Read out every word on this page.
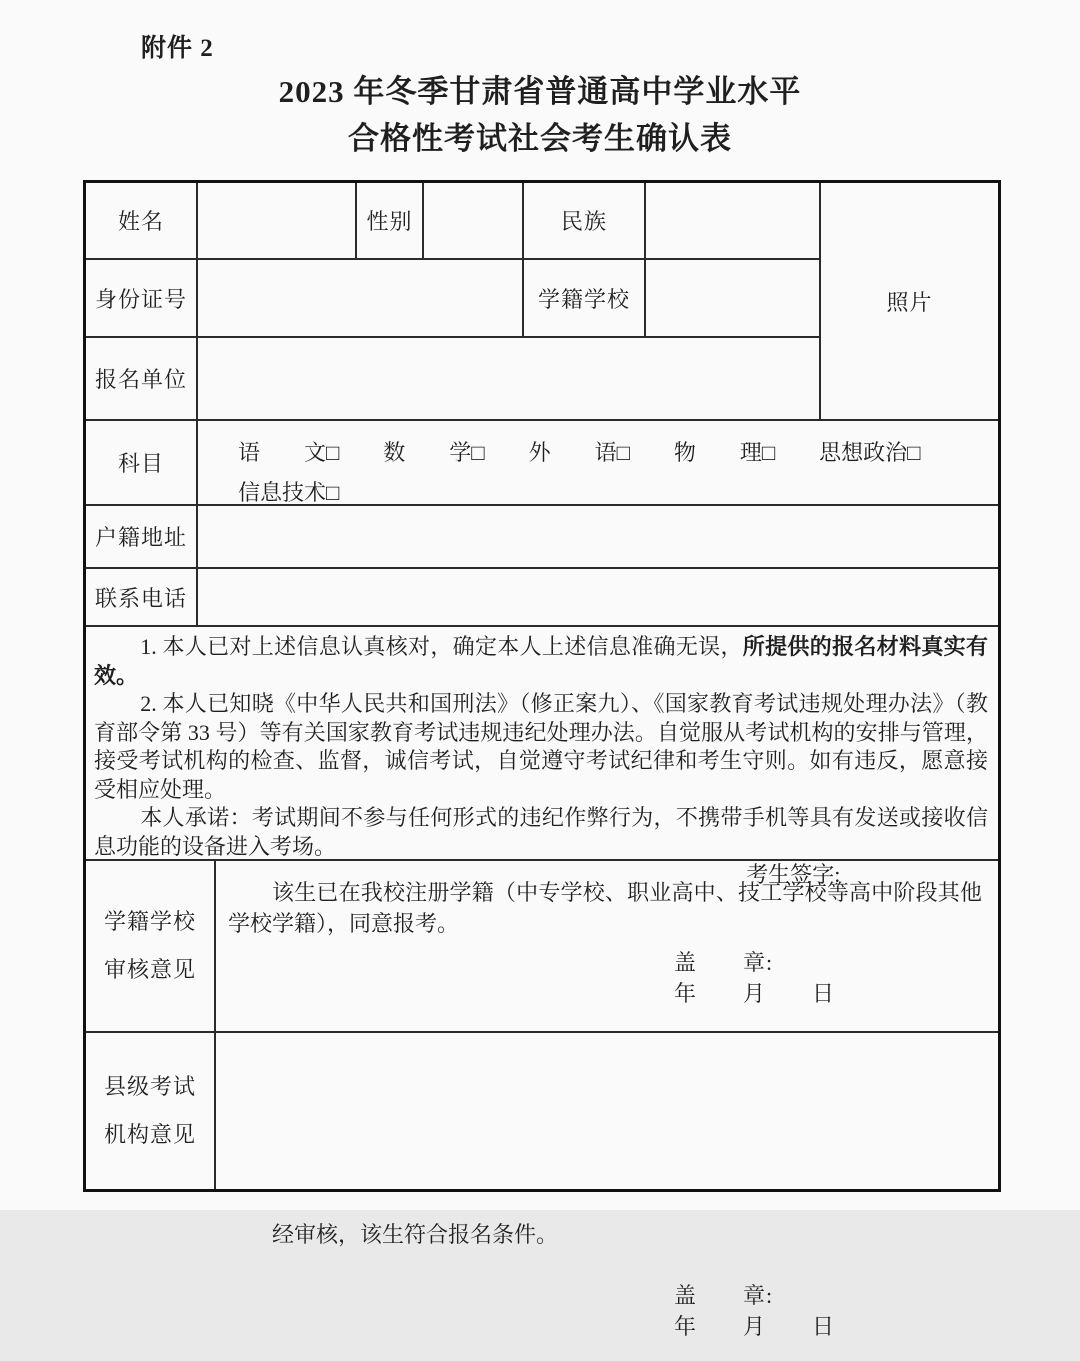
附件 2
2023 年冬季甘肃省普通高中学业水平
合格性考试社会考生确认表
姓名	性别	民族
身份证号	学籍学校
报名单位
照片
科目	语　　文□　　数　　学□　　外　　语□　　物　　理□　　思想政治□
信息技术□
户籍地址
联系电话

1. 本人已对上述信息认真核对，确定本人上述信息准确无误，所提供的报名材料真实有效。

2. 本人已知晓《中华人民共和国刑法》（修正案九）、《国家教育考试违规处理办法》（教育部令第 33 号）等有关国家教育考试违规违纪处理办法。自觉服从考试机构的安排与管理，接受考试机构的检查、监督，诚信考试，自觉遵守考试纪律和考生守则。如有违反，愿意接受相应处理。

本人承诺：考试期间不参与任何形式的违纪作弊行为，不携带手机等具有发送或接收信息功能的设备进入考场。

考生签字:

学籍学校
审核意见

该生已在我校注册学籍（中专学校、职业高中、技工学校等高中阶段其他学校学籍），同意报考。

盖　　章:
年　　月　　日
县级考试
机构意见

经审核，该生符合报名条件。

盖　　章:
年　　月　　日
